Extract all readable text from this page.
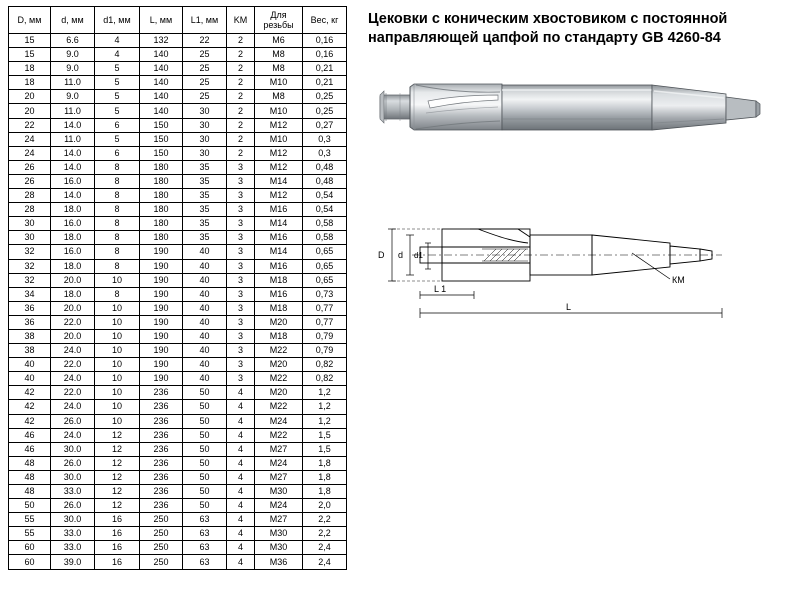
D, мм	d, мм	d1, мм	L, мм	L1, мм	KM	Для резьбы	Вес, кг
15	6.6	4	132	22	2	М6	0,16
15	9.0	4	140	25	2	М8	0,16
18	9.0	5	140	25	2	М8	0,21
18	11.0	5	140	25	2	М10	0,21
20	9.0	5	140	25	2	М8	0,25
20	11.0	5	140	30	2	М10	0,25
22	14.0	6	150	30	2	М12	0,27
24	11.0	5	150	30	2	М10	0,3
24	14.0	6	150	30	2	М12	0,3
26	14.0	8	180	35	3	М12	0,48
26	16.0	8	180	35	3	М14	0,48
28	14.0	8	180	35	3	М12	0,54
28	18.0	8	180	35	3	М16	0,54
30	16.0	8	180	35	3	М14	0,58
30	18.0	8	180	35	3	М16	0,58
32	16.0	8	190	40	3	М14	0,65
32	18.0	8	190	40	3	М16	0,65
32	20.0	10	190	40	3	М18	0,65
34	18.0	8	190	40	3	М16	0,73
36	20.0	10	190	40	3	М18	0,77
36	22.0	10	190	40	3	М20	0,77
38	20.0	10	190	40	3	М18	0,79
38	24.0	10	190	40	3	М22	0,79
40	22.0	10	190	40	3	М20	0,82
40	24.0	10	190	40	3	М22	0,82
42	22.0	10	236	50	4	М20	1,2
42	24.0	10	236	50	4	М22	1,2
42	26.0	10	236	50	4	М24	1,2
46	24.0	12	236	50	4	М22	1,5
46	30.0	12	236	50	4	М27	1,5
48	26.0	12	236	50	4	М24	1,8
48	30.0	12	236	50	4	М27	1,8
48	33.0	12	236	50	4	М30	1,8
50	26.0	12	236	50	4	М24	2,0
55	30.0	16	250	63	4	М27	2,2
55	33.0	16	250	63	4	М30	2,2
60	33.0	16	250	63	4	М30	2,4
60	39.0	16	250	63	4	М36	2,4
Цековки с коническим хвостовиком с постоянной направляющей цапфой по стандарту GB 4260-84
D d d1
L 1
L
КМ
